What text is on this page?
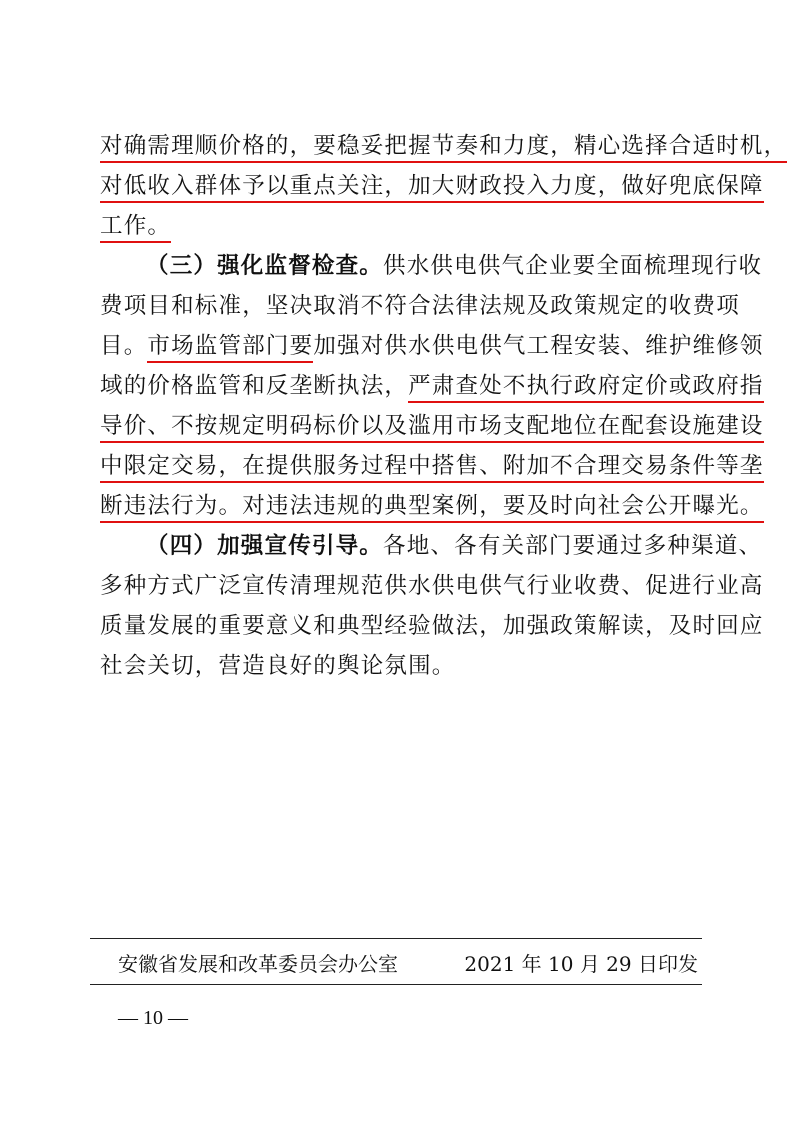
对确需理顺价格的，要稳妥把握节奏和力度，精心选择合适时机，
对低收入群体予以重点关注，加大财政投入力度，做好兜底保障
工作。
（三）强化监督检查。供水供电供气企业要全面梳理现行收
费项目和标准，坚决取消不符合法律法规及政策规定的收费项
目。市场监管部门要加强对供水供电供气工程安装、维护维修领
域的价格监管和反垄断执法，严肃查处不执行政府定价或政府指
导价、不按规定明码标价以及滥用市场支配地位在配套设施建设
中限定交易，在提供服务过程中搭售、附加不合理交易条件等垄
断违法行为。对违法违规的典型案例，要及时向社会公开曝光。
（四）加强宣传引导。各地、各有关部门要通过多种渠道、
多种方式广泛宣传清理规范供水供电供气行业收费、促进行业高
质量发展的重要意义和典型经验做法，加强政策解读，及时回应
社会关切，营造良好的舆论氛围。
安徽省发展和改革委员会办公室	2021 年 10 月 29 日印发
— 10 —
